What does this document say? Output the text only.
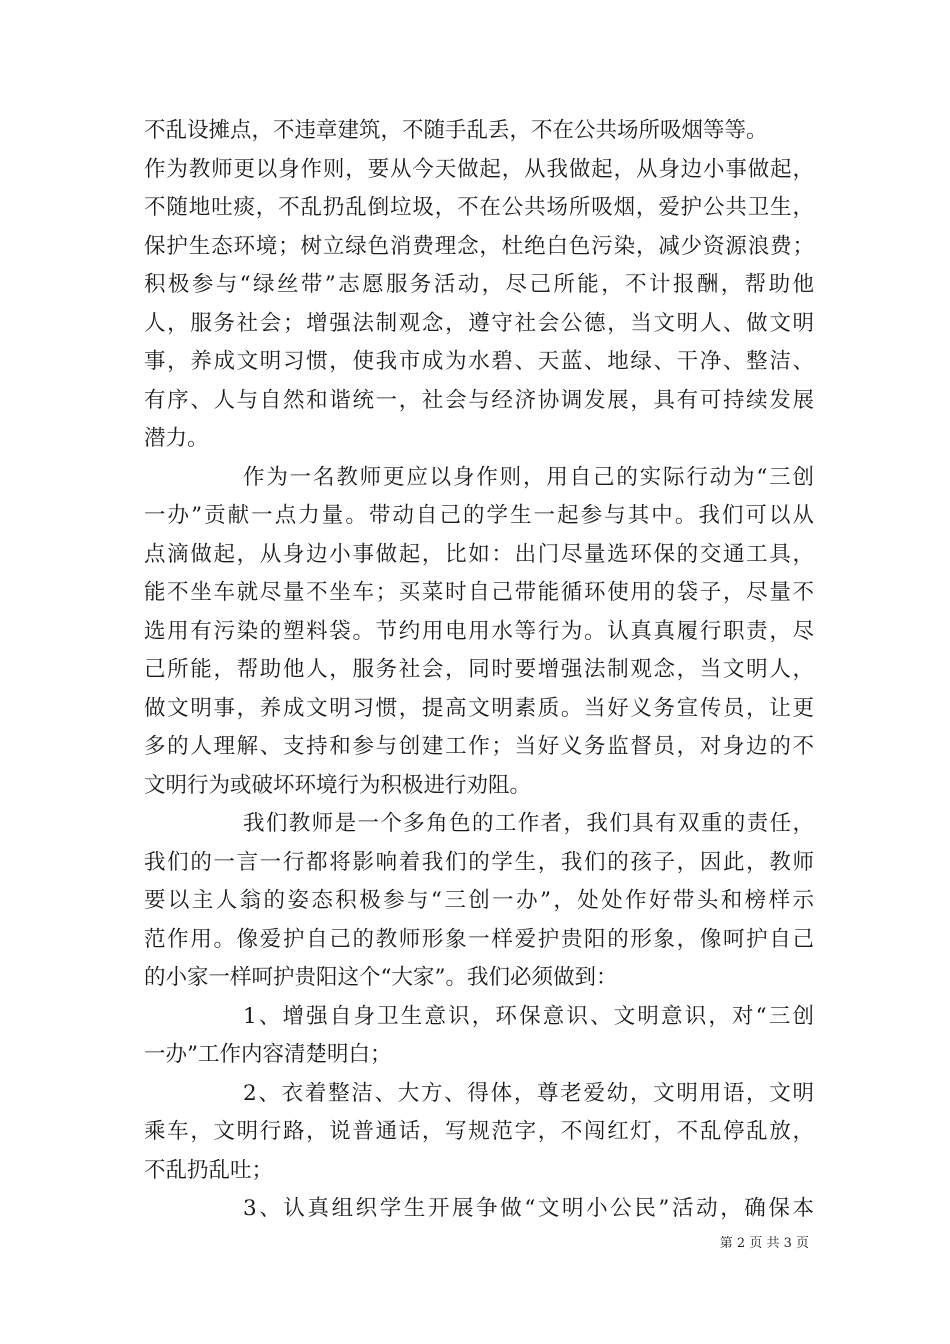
不乱设摊点，不违章建筑，不随手乱丢，不在公共场所吸烟等等。
作为教师更以身作则，要从今天做起，从我做起，从身边小事做起，
不随地吐痰，不乱扔乱倒垃圾，不在公共场所吸烟，爱护公共卫生，
保护生态环境；树立绿色消费理念，杜绝白色污染，减少资源浪费；
积极参与“绿丝带”志愿服务活动，尽己所能，不计报酬，帮助他
人，服务社会；增强法制观念，遵守社会公德，当文明人、做文明
事，养成文明习惯，使我市成为水碧、天蓝、地绿、干净、整洁、
有序、人与自然和谐统一，社会与经济协调发展，具有可持续发展
潜力。
作为一名教师更应以身作则，用自己的实际行动为“三创
一办”贡献一点力量。带动自己的学生一起参与其中。我们可以从
点滴做起，从身边小事做起，比如：出门尽量选环保的交通工具，
能不坐车就尽量不坐车；买菜时自己带能循环使用的袋子，尽量不
选用有污染的塑料袋。节约用电用水等行为。认真真履行职责，尽
己所能，帮助他人，服务社会，同时要增强法制观念，当文明人，
做文明事，养成文明习惯，提高文明素质。当好义务宣传员，让更
多的人理解、支持和参与创建工作；当好义务监督员，对身边的不
文明行为或破坏环境行为积极进行劝阻。
我们教师是一个多角色的工作者，我们具有双重的责任，
我们的一言一行都将影响着我们的学生，我们的孩子，因此，教师
要以主人翁的姿态积极参与“三创一办”，处处作好带头和榜样示
范作用。像爱护自己的教师形象一样爱护贵阳的形象，像呵护自己
的小家一样呵护贵阳这个“大家”。我们必须做到：
1、增强自身卫生意识，环保意识、文明意识，对“三创
一办”工作内容清楚明白；
2、衣着整洁、大方、得体，尊老爱幼，文明用语，文明
乘车，文明行路，说普通话，写规范字，不闯红灯，不乱停乱放，
不乱扔乱吐；
3、认真组织学生开展争做“文明小公民”活动，确保本
第 2 页 共 3 页
